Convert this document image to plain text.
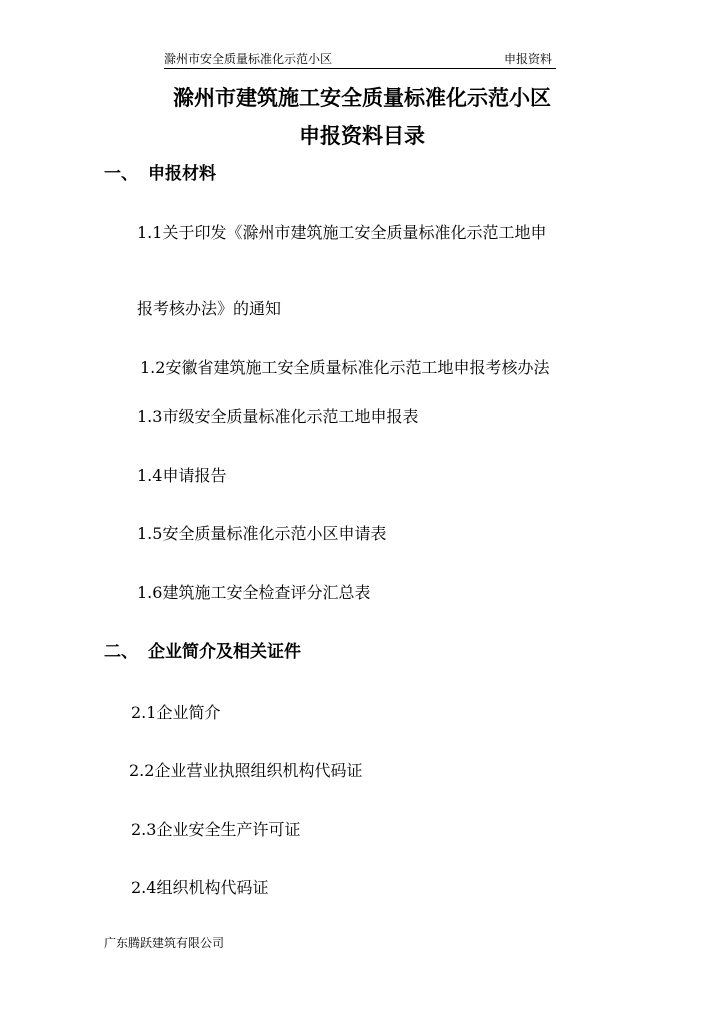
滁州市安全质量标准化示范小区	申报资料
滁州市建筑施工安全质量标准化示范小区
申报资料目录
一、 申报材料
1.1关于印发《滁州市建筑施工安全质量标准化示范工地申
报考核办法》的通知
1.2安徽省建筑施工安全质量标准化示范工地申报考核办法
1.3市级安全质量标准化示范工地申报表
1.4申请报告
1.5安全质量标准化示范小区申请表
1.6建筑施工安全检查评分汇总表
二、 企业简介及相关证件
2.1企业简介
2.2企业营业执照组织机构代码证
2.3企业安全生产许可证
2.4组织机构代码证
广东腾跃建筑有限公司
